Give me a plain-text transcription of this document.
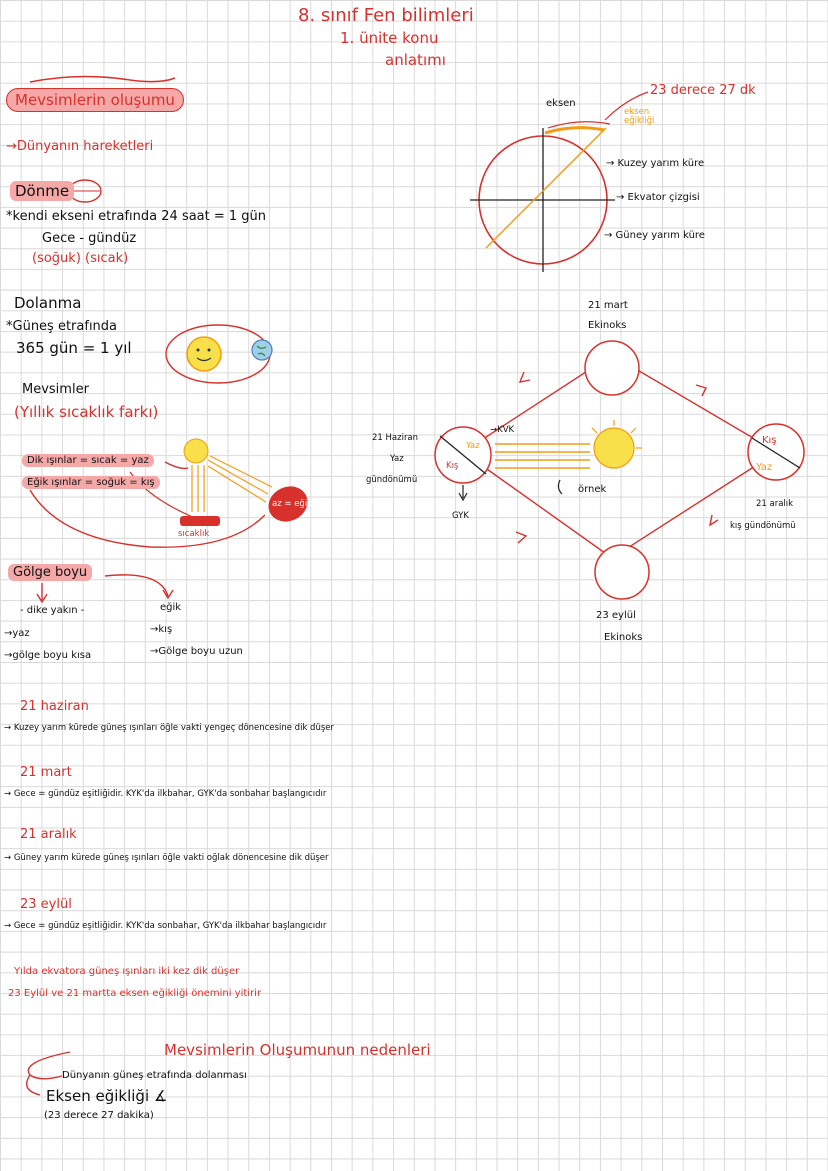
8. sınıf Fen bilimleri
1. ünite konu
anlatımı
Mevsimlerin oluşumu
→Dünyanın hareketleri
Dönme
*kendi ekseni etrafında 24 saat = 1 gün
Gece - gündüz
(soğuk) (sıcak)
Dolanma
*Güneş etrafında
365 gün = 1 yıl
Mevsimler
(Yıllık sıcaklık farkı)
Dik ışınlar = sıcak = yaz
Eğik ışınlar = soğuk = kış
sıcaklık
az = eğik
Gölge boyu
- dike yakın -
→yaz
→gölge boyu kısa
eğik
→kış
→Gölge boyu uzun
eksen
23 derece 27 dk
eksen eğikliği
→ Kuzey yarım küre
→ Ekvator çizgisi
→ Güney yarım küre
21 mart
Ekinoks
21 Haziran
Yaz
gündönümü
→KVK
GYK
Yaz
Kış
örnek
Kış
Yaz
21 aralık
kış gündönümü
23 eylül
Ekinoks
21 haziran
→ Kuzey yarım kürede güneş ışınları öğle vakti yengeç dönencesine dik düşer
21 mart
→ Gece = gündüz eşitliğidir. KYK'da ilkbahar, GYK'da sonbahar başlangıcıdır
21 aralık
→ Güney yarım kürede güneş ışınları öğle vakti oğlak dönencesine dik düşer
23 eylül
→ Gece = gündüz eşitliğidir. KYK'da sonbahar, GYK'da ilkbahar başlangıcıdır
Yılda ekvatora güneş ışınları iki kez dik düşer
23 Eylül ve 21 martta eksen eğikliği önemini yitirir
Mevsimlerin Oluşumunun nedenleri
Dünyanın güneş etrafında dolanması
Eksen eğikliği ∡
(23 derece 27 dakika)
